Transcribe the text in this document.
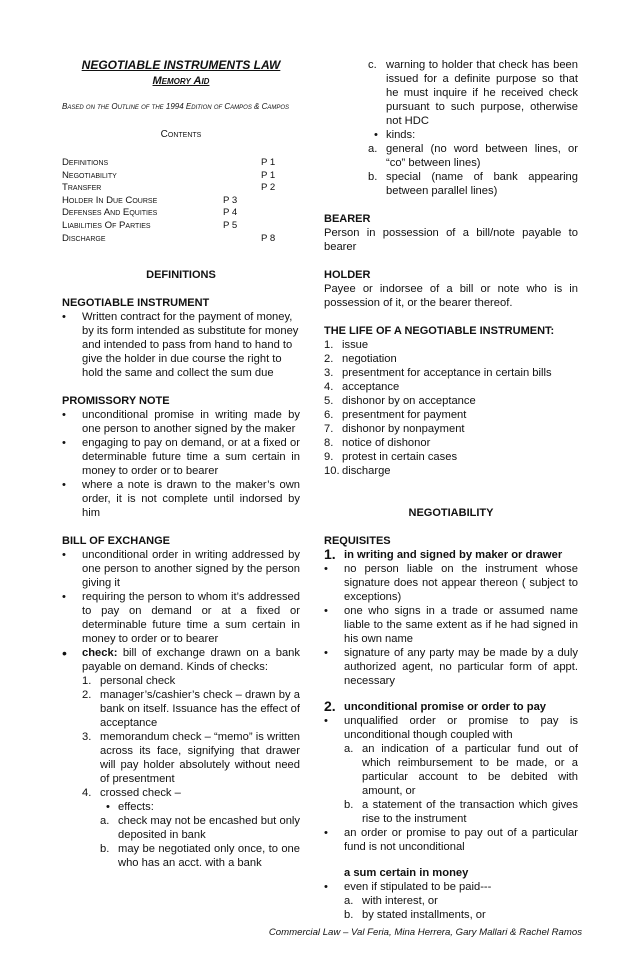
NEGOTIABLE INSTRUMENTS LAW

Memory Aid

Based on the Outline of the 1994 Edition of Campos & Campos

Contents

Definitions	P 1
Negotiability	P 1
Transfer	P 2
Holder In Due Course	P 3
Defenses And Equities	P 4
Liabilities Of Parties	P 5
Discharge	P 8

DEFINITIONS

NEGOTIABLE INSTRUMENT

• Written contract for the payment of money, by its form intended as substitute for money and intended to pass from hand to hand to give the holder in due course the right to hold the same and collect the sum due

PROMISSORY NOTE

• unconditional promise in writing made by one person to another signed by the maker
• engaging to pay on demand, or at a fixed or determinable future time a sum certain in money to order or to bearer
• where a note is drawn to the maker’s own order, it is not complete until indorsed by him

BILL OF EXCHANGE

• unconditional order in writing addressed by one person to another signed by the person giving it
• requiring the person to whom it’s addressed to pay on demand or at a fixed or determinable future time a sum certain in money to order or to bearer
• check: bill of exchange drawn on a bank payable on demand. Kinds of checks:
1. personal check
2. manager’s/cashier’s check – drawn by a bank on itself. Issuance has the effect of acceptance
3. memorandum check – “memo” is written across its face, signifying that drawer will pay holder absolutely without need of presentment
4. crossed check –
• effects:
a. check may not be encashed but only deposited in bank
b. may be negotiated only once, to one who has an acct. with a bank
c. warning to holder that check has been issued for a definite purpose so that he must inquire if he received check pursuant to such purpose, otherwise not HDC
• kinds:
a. general (no word between lines, or “co” between lines)
b. special (name of bank appearing between parallel lines)

BEARER

Person in possession of a bill/note payable to bearer

HOLDER

Payee or indorsee of a bill or note who is in possession of it, or the bearer thereof.

THE LIFE OF A NEGOTIABLE INSTRUMENT:

1. issue
2. negotiation
3. presentment for acceptance in certain bills
4. acceptance
5. dishonor by on acceptance
6. presentment for payment
7. dishonor by nonpayment
8. notice of dishonor
9. protest in certain cases
10. discharge

NEGOTIABILITY

REQUISITES

1. in writing and signed by maker or drawer
• no person liable on the instrument whose signature does not appear thereon ( subject to exceptions)
• one who signs in a trade or assumed name liable to the same extent as if he had signed in his own name
• signature of any party may be made by a duly authorized agent, no particular form of appt. necessary
2. unconditional promise or order to pay
• unqualified order or promise to pay is unconditional though coupled with
a. an indication of a particular fund out of which reimbursement to be made, or a particular account to be debited with amount, or
b. a statement of the transaction which gives rise to the instrument
• an order or promise to pay out of a particular fund is not unconditional
a sum certain in money
• even if stipulated to be paid---
a. with interest, or
b. by stated installments, or
Commercial Law – Val Feria, Mina Herrera, Gary Mallari & Rachel Ramos
